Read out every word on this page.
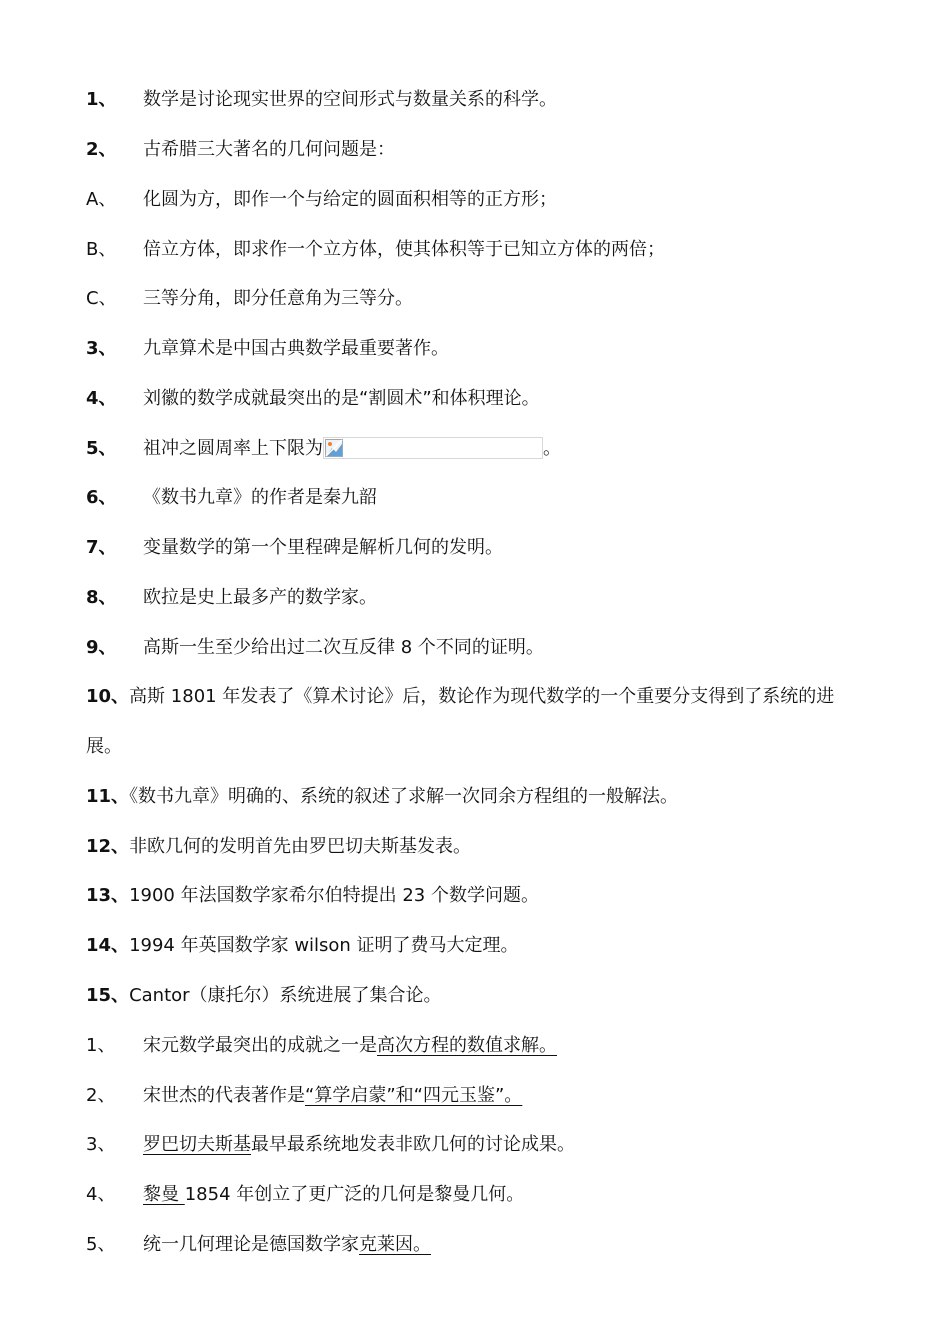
1、 数学是讨论现实世界的空间形式与数量关系的科学。
2、 古希腊三大著名的几何问题是：
A、 化圆为方，即作一个与给定的圆面积相等的正方形；
B、 倍立方体，即求作一个立方体，使其体积等于已知立方体的两倍；
C、 三等分角，即分任意角为三等分。
3、 九章算术是中国古典数学最重要著作。
4、 刘徽的数学成就最突出的是“割圆术”和体积理论。
5、 祖冲之圆周率上下限为	。
6、 《数书九章》的作者是秦九韶
7、 变量数学的第一个里程碑是解析几何的发明。
8、 欧拉是史上最多产的数学家。
9、 高斯一生至少给出过二次互反律 8 个不同的证明。
10、高斯 1801 年发表了《算术讨论》后，数论作为现代数学的一个重要分支得到了系统的进展。
11、《数书九章》明确的、系统的叙述了求解一次同余方程组的一般解法。
12、非欧几何的发明首先由罗巴切夫斯基发表。
13、1900 年法国数学家希尔伯特提出 23 个数学问题。
14、1994 年英国数学家 wilson 证明了费马大定理。
15、Cantor（康托尔）系统进展了集合论。
1、 宋元数学最突出的成就之一是高次方程的数值求解。
2、 宋世杰的代表著作是“算学启蒙”和“四元玉鉴”。
3、 罗巴切夫斯基最早最系统地发表非欧几何的讨论成果。
4、 黎曼 1854 年创立了更广泛的几何是黎曼几何。
5、 统一几何理论是德国数学家克莱因。
